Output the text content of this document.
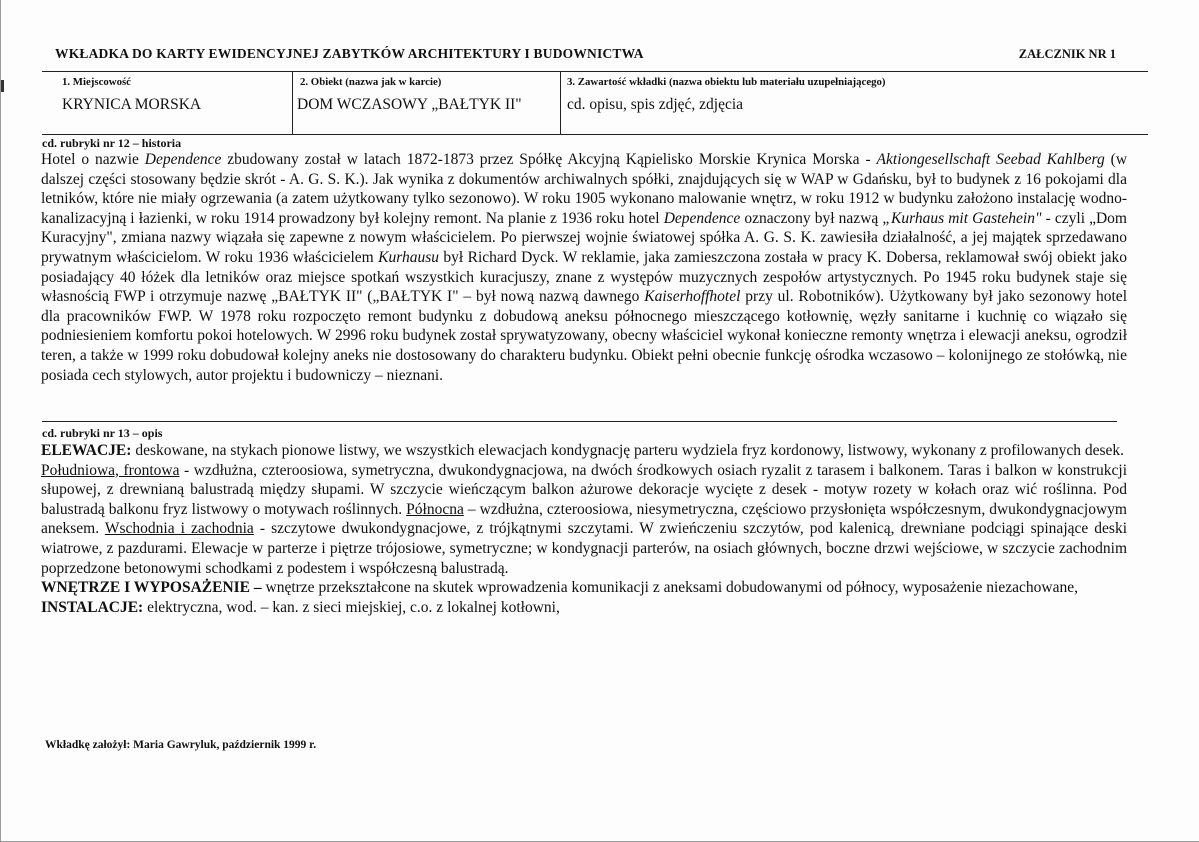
WKŁADKA DO KARTY EWIDENCYJNEJ ZABYTKÓW ARCHITEKTURY I BUDOWNICTWA	ZAŁCZNIK NR 1
1. Miejscowość
KRYNICA MORSKA
2. Obiekt (nazwa jak w karcie)
DOM WCZASOWY „BAŁTYK II"
3. Zawartość wkładki (nazwa obiektu lub materiału uzupełniającego)
cd. opisu, spis zdjęć, zdjęcia
cd. rubryki nr 12 – historia

Hotel o nazwie Dependence zbudowany został w latach 1872-1873 przez Spółkę Akcyjną Kąpielisko Morskie Krynica Morska - Aktiongesellschaft Seebad Kahlberg (w dalszej części stosowany będzie skrót - A. G. S. K.). Jak wynika z dokumentów archiwalnych spółki, znajdujących się w WAP w Gdańsku, był to budynek z 16 pokojami dla letników, które nie miały ogrzewania (a zatem użytkowany tylko sezonowo). W roku 1905 wykonano malowanie wnętrz, w roku 1912 w budynku założono instalację wodno-kanalizacyjną i łazienki, w roku 1914 prowadzony był kolejny remont. Na planie z 1936 roku hotel Dependence oznaczony był nazwą „Kurhaus mit Gastehein" - czyli „Dom Kuracyjny", zmiana nazwy wiązała się zapewne z nowym właścicielem. Po pierwszej wojnie światowej spółka A. G. S. K. zawiesiła działalność, a jej majątek sprzedawano prywatnym właścicielom. W roku 1936 właścicielem Kurhausu był Richard Dyck. W reklamie, jaka zamieszczona została w pracy K. Dobersa, reklamował swój obiekt jako posiadający 40 łóżek dla letników oraz miejsce spotkań wszystkich kuracjuszy, znane z występów muzycznych zespołów artystycznych. Po 1945 roku budynek staje się własnością FWP i otrzymuje nazwę „BAŁTYK II" („BAŁTYK I" – był nową nazwą dawnego Kaiserhoffhotel przy ul. Robotników). Użytkowany był jako sezonowy hotel dla pracowników FWP. W 1978 roku rozpoczęto remont budynku z dobudową aneksu północnego mieszczącego kotłownię, węzły sanitarne i kuchnię co wiązało się podniesieniem komfortu pokoi hotelowych. W 2996 roku budynek został sprywatyzowany, obecny właściciel wykonał konieczne remonty wnętrza i elewacji aneksu, ogrodził teren, a także w 1999 roku dobudował kolejny aneks nie dostosowany do charakteru budynku. Obiekt pełni obecnie funkcję ośrodka wczasowo – kolonijnego ze stołówką, nie posiada cech stylowych, autor projektu i budowniczy – nieznani.

cd. rubryki nr 13 – opis

ELEWACJE: deskowane, na stykach pionowe listwy, we wszystkich elewacjach kondygnację parteru wydziela fryz kordonowy, listwowy, wykonany z profilowanych desek.

Południowa, frontowa - wzdłużna, czteroosiowa, symetryczna, dwukondygnacjowa, na dwóch środkowych osiach ryzalit z tarasem i balkonem. Taras i balkon w konstrukcji słupowej, z drewnianą balustradą między słupami. W szczycie wieńczącym balkon ażurowe dekoracje wycięte z desek - motyw rozety w kołach oraz wić roślinna. Pod balustradą balkonu fryz listwowy o motywach roślinnych. Północna – wzdłużna, czteroosiowa, niesymetryczna, częściowo przysłonięta współczesnym, dwukondygnacjowym aneksem. Wschodnia i zachodnia - szczytowe dwukondygnacjowe, z trójkątnymi szczytami. W zwieńczeniu szczytów, pod kalenicą, drewniane podciągi spinające deski wiatrowe, z pazdurami. Elewacje w parterze i piętrze trójosiowe, symetryczne; w kondygnacji parterów, na osiach głównych, boczne drzwi wejściowe, w szczycie zachodnim poprzedzone betonowymi schodkami z podestem i współczesną balustradą.

WNĘTRZE I WYPOSAŻENIE – wnętrze przekształcone na skutek wprowadzenia komunikacji z aneksami dobudowanymi od północy, wyposażenie niezachowane,

INSTALACJE: elektryczna, wod. – kan. z sieci miejskiej, c.o. z lokalnej kotłowni,

Wkładkę założył: Maria Gawryluk, październik 1999 r.
